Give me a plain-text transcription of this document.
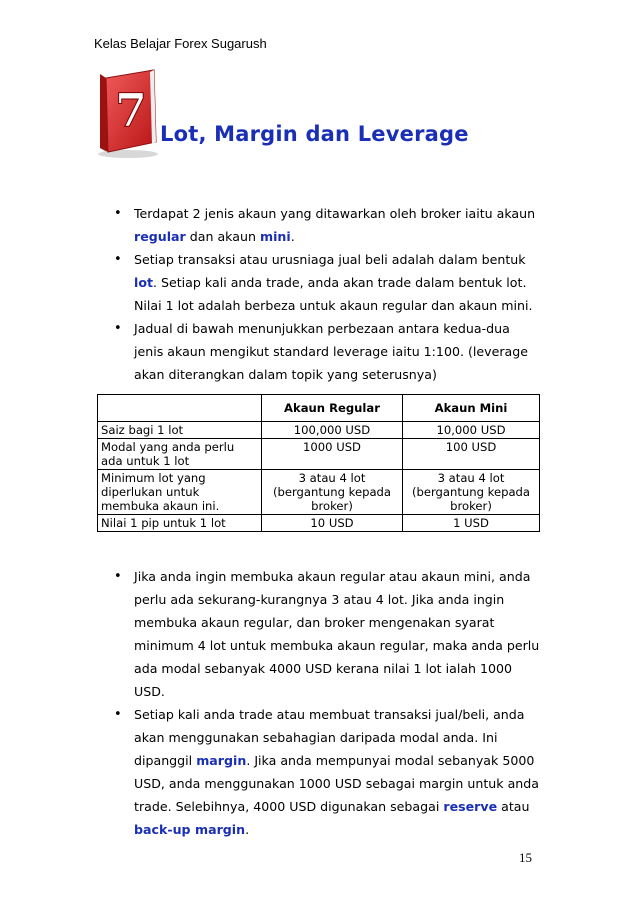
Kelas Belajar Forex Sugarush
7 Lot, Margin dan Leverage
• Terdapat 2 jenis akaun yang ditawarkan oleh broker iaitu akaun regular dan akaun mini.
• Setiap transaksi atau urusniaga jual beli adalah dalam bentuk lot. Setiap kali anda trade, anda akan trade dalam bentuk lot. Nilai 1 lot adalah berbeza untuk akaun regular dan akaun mini.
• Jadual di bawah menunjukkan perbezaan antara kedua-dua jenis akaun mengikut standard leverage iaitu 1:100. (leverage akan diterangkan dalam topik yang seterusnya)
	Akaun Regular	Akaun Mini
Saiz bagi 1 lot	100,000 USD	10,000 USD
Modal yang anda perlu ada untuk 1 lot	1000 USD	100 USD
Minimum lot yang diperlukan untuk membuka akaun ini.	3 atau 4 lot (bergantung kepada broker)	3 atau 4 lot (bergantung kepada broker)
Nilai 1 pip untuk 1 lot	10 USD	1 USD
• Jika anda ingin membuka akaun regular atau akaun mini, anda perlu ada sekurang-kurangnya 3 atau 4 lot. Jika anda ingin membuka akaun regular, dan broker mengenakan syarat minimum 4 lot untuk membuka akaun regular, maka anda perlu ada modal sebanyak 4000 USD kerana nilai 1 lot ialah 1000 USD.
• Setiap kali anda trade atau membuat transaksi jual/beli, anda akan menggunakan sebahagian daripada modal anda. Ini dipanggil margin. Jika anda mempunyai modal sebanyak 5000 USD, anda menggunakan 1000 USD sebagai margin untuk anda trade. Selebihnya, 4000 USD digunakan sebagai reserve atau back-up margin.
15
